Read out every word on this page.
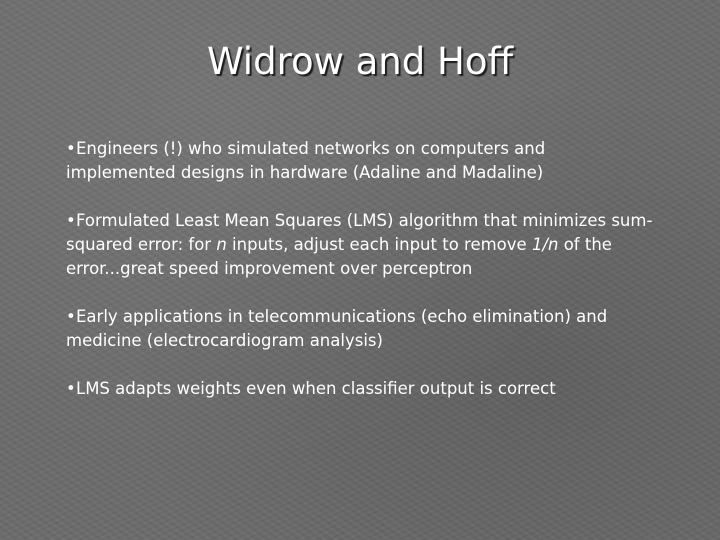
Widrow and Hoff
•Engineers (!) who simulated networks on computers and implemented designs in hardware (Adaline and Madaline)
•Formulated Least Mean Squares (LMS) algorithm that minimizes sum-squared error: for n inputs, adjust each input to remove 1/n of the error...great speed improvement over perceptron
•Early applications in telecommunications (echo elimination) and medicine (electrocardiogram analysis)
•LMS adapts weights even when classifier output is correct
